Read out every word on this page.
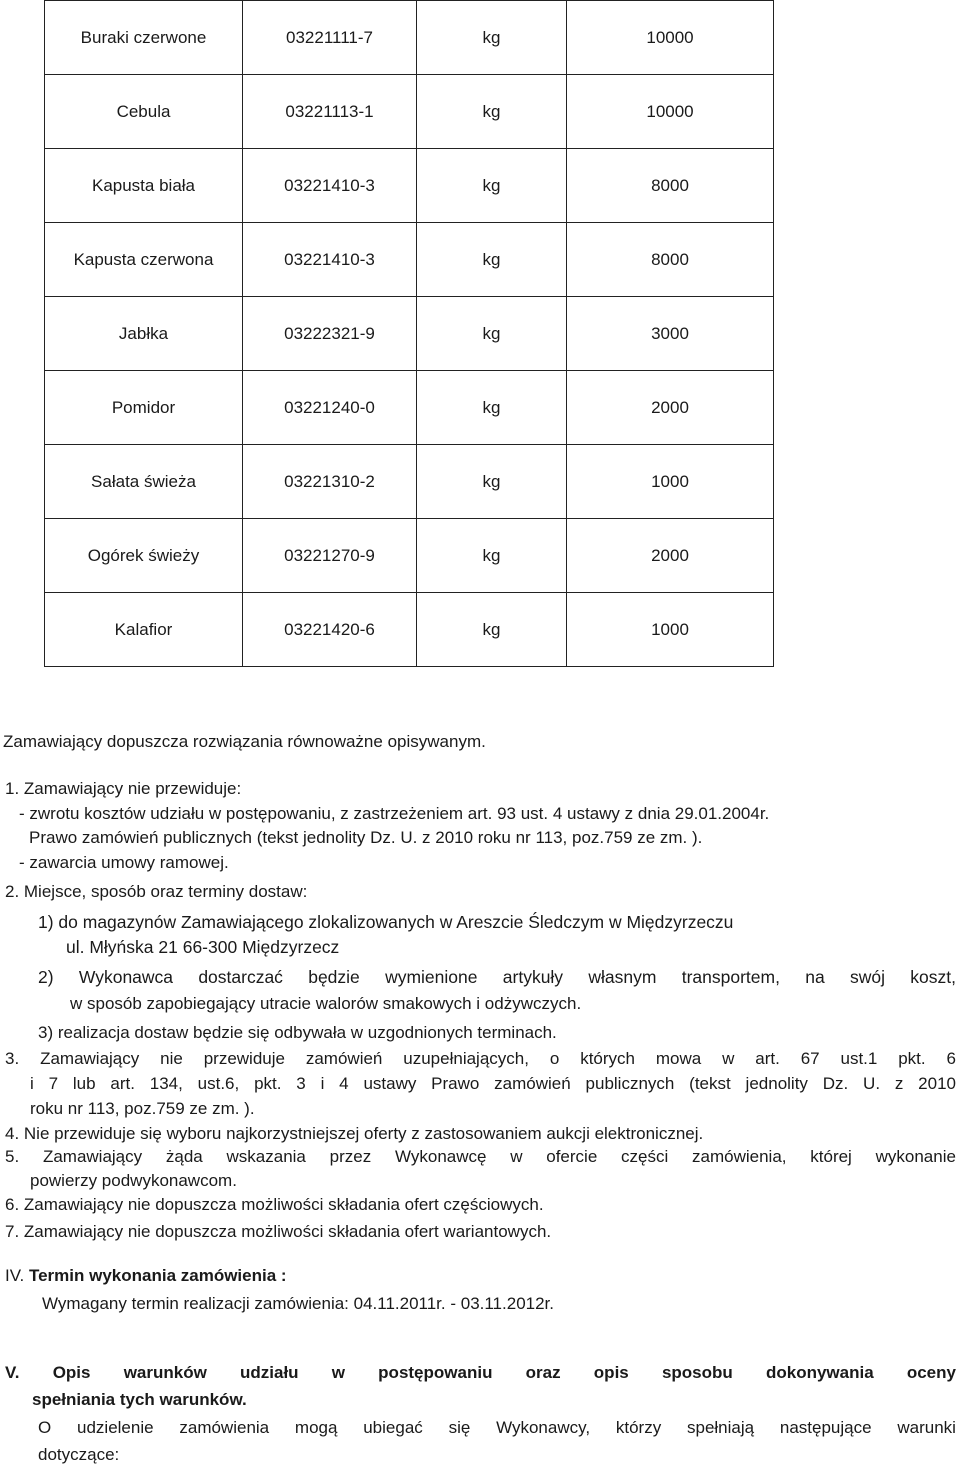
Buraki czerwone	03221111-7	kg	10000
Cebula	03221113-1	kg	10000
Kapusta biała	03221410-3	kg	8000
Kapusta czerwona	03221410-3	kg	8000
Jabłka	03222321-9	kg	3000
Pomidor	03221240-0	kg	2000
Sałata świeża	03221310-2	kg	1000
Ogórek świeży	03221270-9	kg	2000
Kalafior	03221420-6	kg	1000
Zamawiający dopuszcza rozwiązania równoważne opisywanym.
1. Zamawiający nie przewiduje:
- zwrotu kosztów udziału w postępowaniu, z zastrzeżeniem art. 93 ust. 4 ustawy z dnia 29.01.2004r.
Prawo zamówień publicznych (tekst jednolity Dz. U. z 2010 roku nr 113, poz.759 ze zm. ).
- zawarcia umowy ramowej.
2. Miejsce, sposób oraz terminy dostaw:
1) do magazynów Zamawiającego zlokalizowanych w Areszcie Śledczym w Międzyrzeczu
ul. Młyńska 21 66-300 Międzyrzecz
2) Wykonawca dostarczać będzie wymienione artykuły własnym transportem, na swój koszt,
w sposób zapobiegający utracie walorów smakowych i odżywczych.
3) realizacja dostaw będzie się odbywała w uzgodnionych terminach.
3. Zamawiający nie przewiduje zamówień uzupełniających, o których mowa w art. 67 ust.1 pkt. 6
i 7 lub art. 134, ust.6, pkt. 3 i 4 ustawy Prawo zamówień publicznych (tekst jednolity Dz. U. z 2010
roku nr 113, poz.759 ze zm. ).
4. Nie przewiduje się wyboru najkorzystniejszej oferty z zastosowaniem aukcji elektronicznej.
5. Zamawiający żąda wskazania przez Wykonawcę w ofercie części zamówienia, której wykonanie
powierzy podwykonawcom.
6. Zamawiający nie dopuszcza możliwości składania ofert częściowych.
7. Zamawiający nie dopuszcza możliwości składania ofert wariantowych.
IV. Termin wykonania zamówienia :
Wymagany termin realizacji zamówienia: 04.11.2011r. - 03.11.2012r.
V. Opis warunków udziału w postępowaniu oraz opis sposobu dokonywania oceny
spełniania tych warunków.
O udzielenie zamówienia mogą ubiegać się Wykonawcy, którzy spełniają następujące warunki
dotyczące:
